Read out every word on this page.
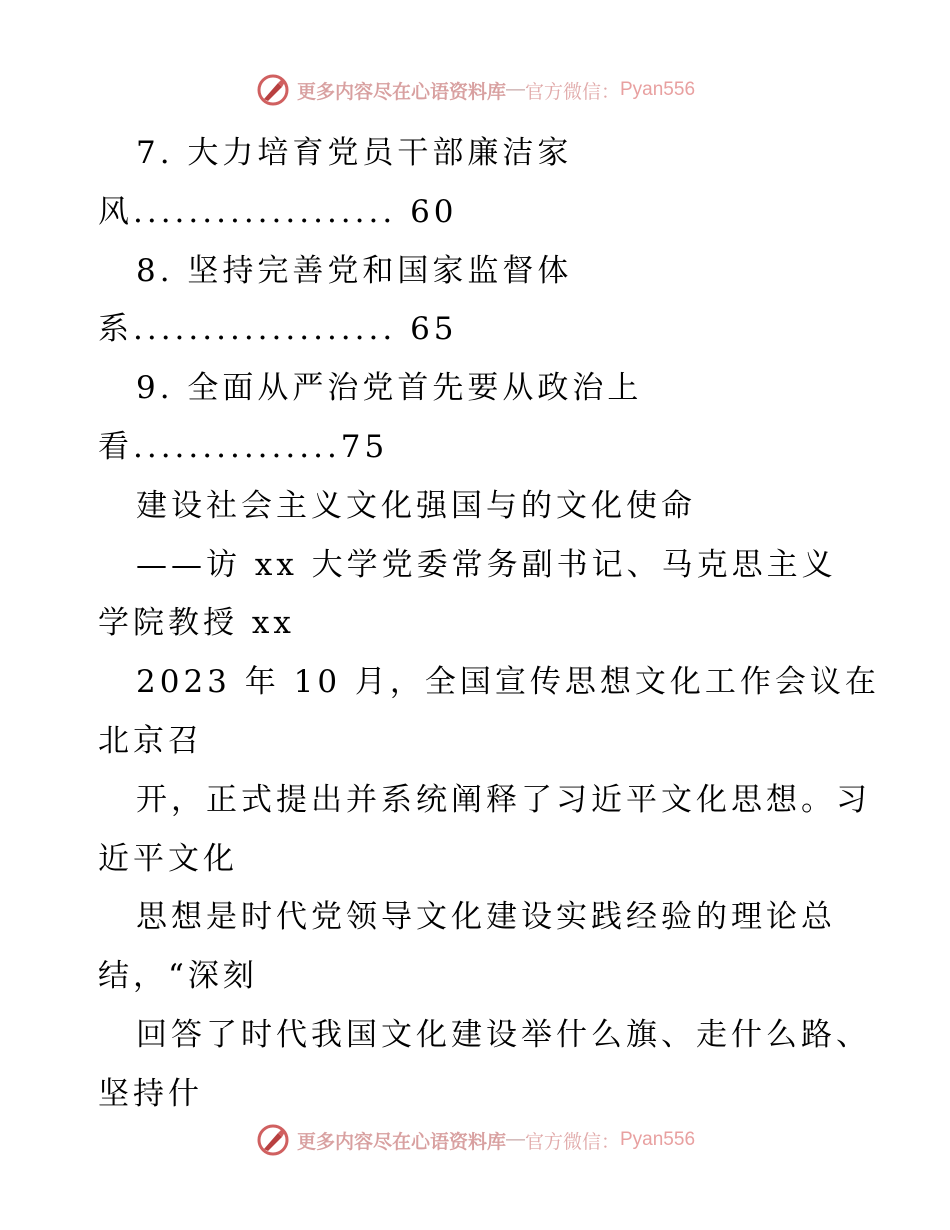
更多内容尽在心语资料库 — 官方微信： Pyan556
7. 大力培育党员干部廉洁家
风................... 60
8. 坚持完善党和国家监督体
系................... 65
9. 全面从严治党首先要从政治上
看...............75
建设社会主义文化强国与的文化使命
——访 xx 大学党委常务副书记、马克思主义
学院教授 xx
2023 年 10 月，全国宣传思想文化工作会议在
北京召
开，正式提出并系统阐释了习近平文化思想。习
近平文化
思想是时代党领导文化建设实践经验的理论总
结，“深刻
回答了时代我国文化建设举什么旗、走什么路、
坚持什
更多内容尽在心语资料库 — 官方微信： Pyan556
